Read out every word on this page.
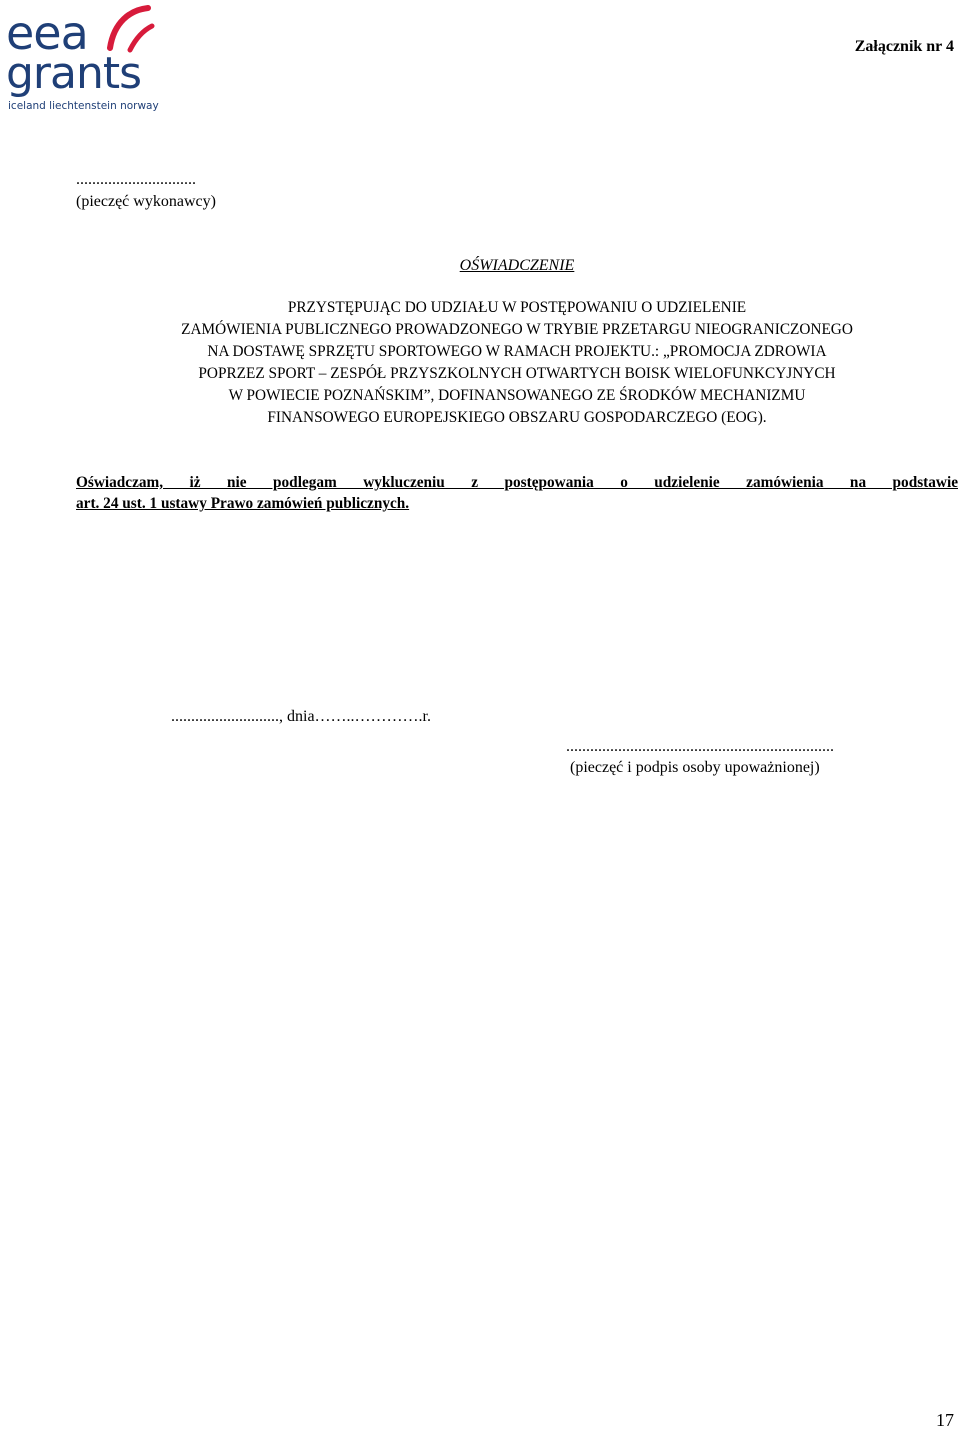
eea
grants
iceland liechtenstein norway
Załącznik nr 4
..............................
(pieczęć wykonawcy)
OŚWIADCZENIE
PRZYSTĘPUJĄC DO UDZIAŁU W POSTĘPOWANIU O UDZIELENIE
ZAMÓWIENIA PUBLICZNEGO PROWADZONEGO W TRYBIE PRZETARGU NIEOGRANICZONEGO
NA DOSTAWĘ SPRZĘTU SPORTOWEGO W RAMACH PROJEKTU.: „PROMOCJA ZDROWIA
POPRZEZ SPORT – ZESPÓŁ PRZYSZKOLNYCH OTWARTYCH BOISK WIELOFUNKCYJNYCH
W POWIECIE POZNAŃSKIM”, DOFINANSOWANEGO ZE ŚRODKÓW MECHANIZMU
FINANSOWEGO EUROPEJSKIEGO OBSZARU GOSPODARCZEGO (EOG).
Oświadczam, iż nie podlegam wykluczeniu z postępowania o udzielenie zamówienia na podstawie
art. 24 ust. 1 ustawy Prawo zamówień publicznych.
..........................., dnia……..………….r.
...................................................................
(pieczęć i podpis osoby upoważnionej)
17
